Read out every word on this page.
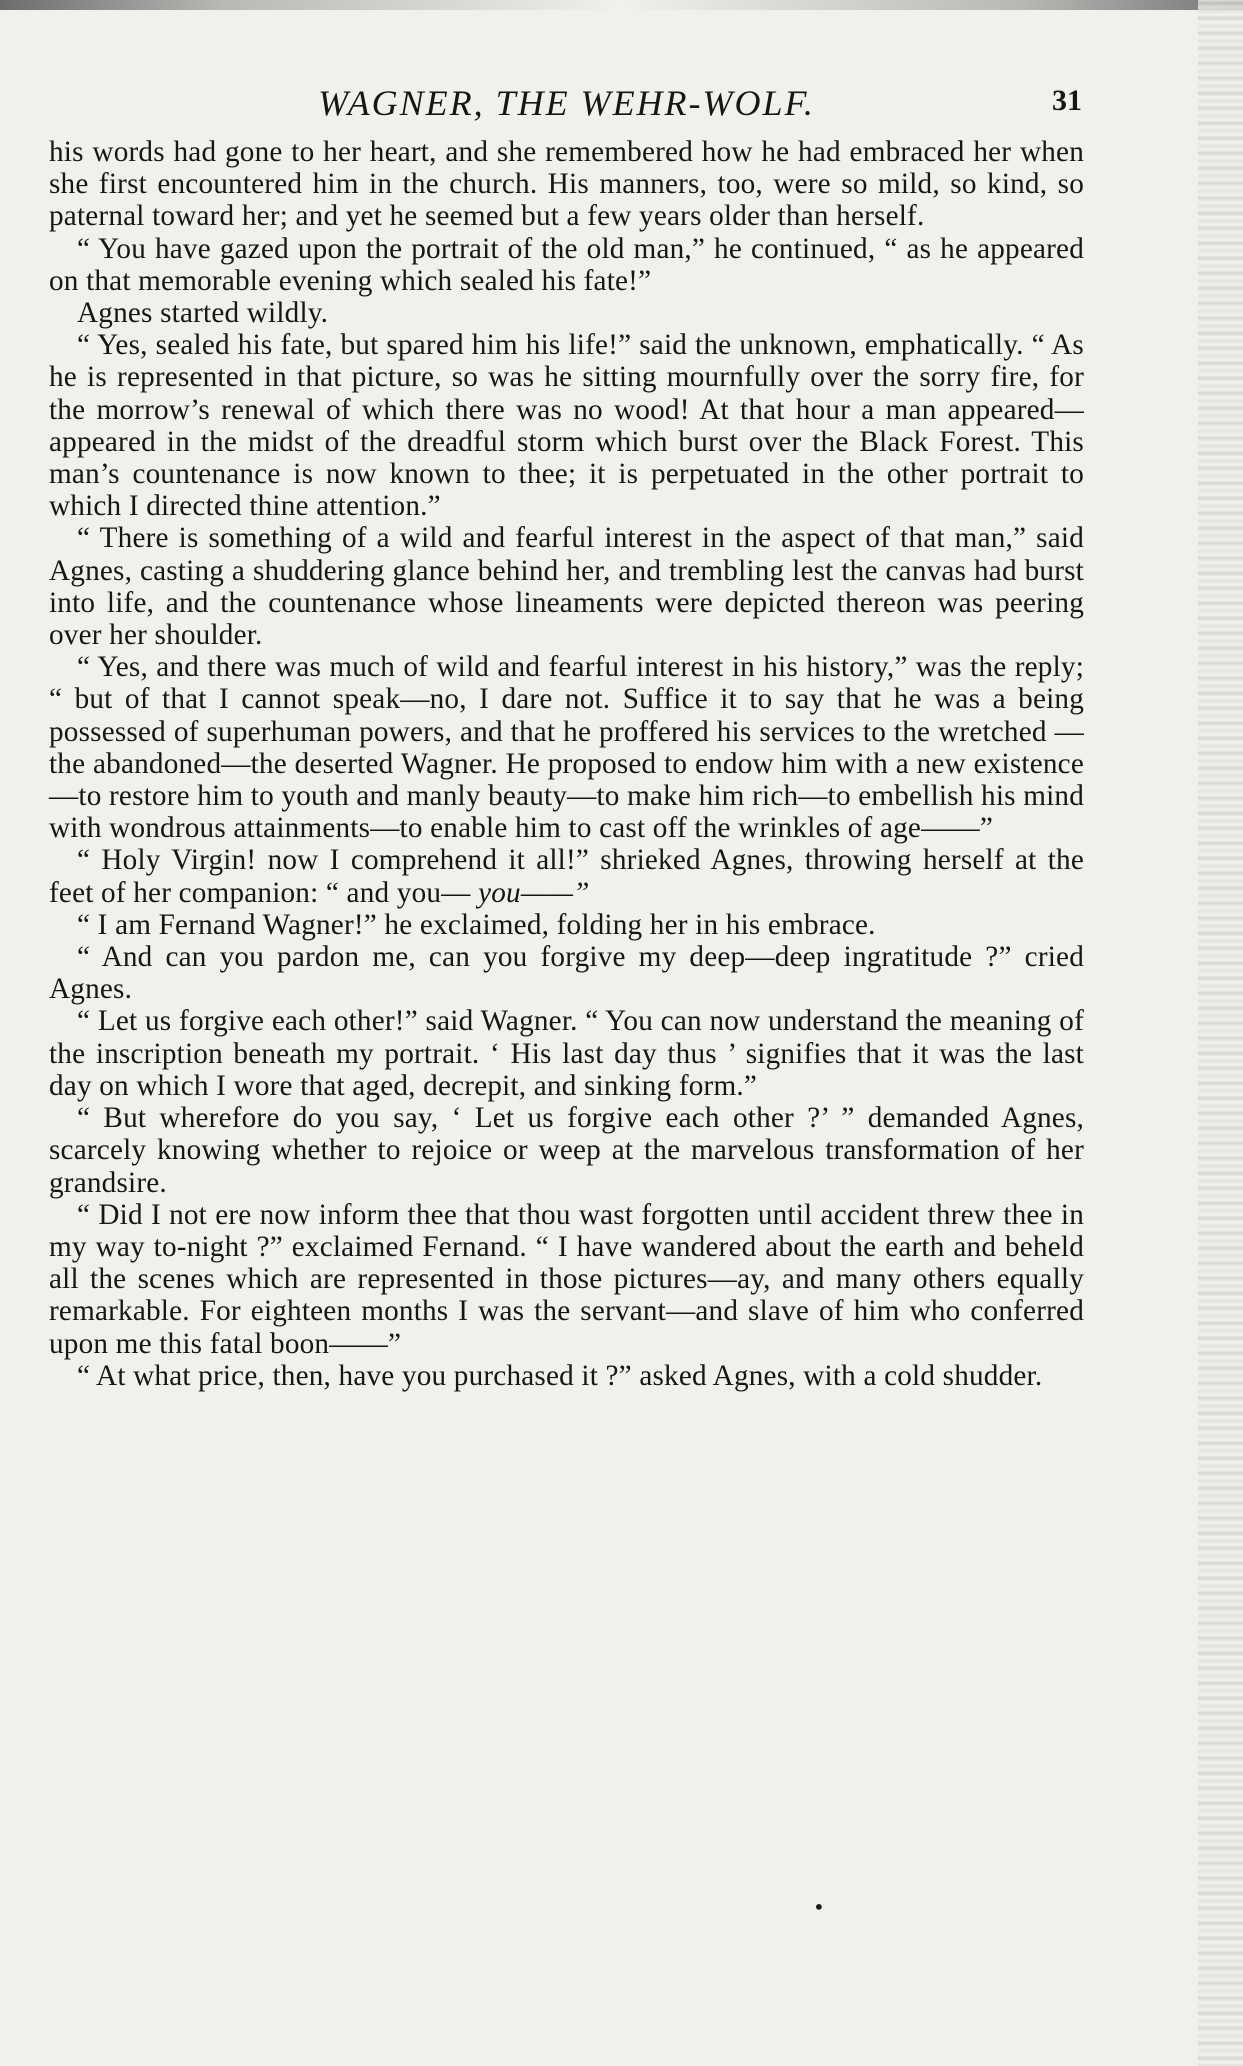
WAGNER, THE WEHR-WOLF.	31

his words had gone to her heart, and she remembered how he had embraced her when she first encountered him in the church. His manners, too, were so mild, so kind, so paternal toward her; and yet he seemed but a few years older than herself.

“ You have gazed upon the portrait of the old man,” he continued, “ as he appeared on that memorable evening which sealed his fate!”

Agnes started wildly.

“ Yes, sealed his fate, but spared him his life!” said the unknown, emphatically. “ As he is represented in that picture, so was he sitting mournfully over the sorry fire, for the morrow’s renewal of which there was no wood! At that hour a man appeared—appeared in the midst of the dreadful storm which burst over the Black Forest. This man’s countenance is now known to thee; it is perpetuated in the other portrait to which I directed thine attention.”

“ There is something of a wild and fearful interest in the aspect of that man,” said Agnes, casting a shuddering glance behind her, and trembling lest the canvas had burst into life, and the countenance whose lineaments were depicted thereon was peering over her shoulder.

“ Yes, and there was much of wild and fearful interest in his history,” was the reply; “ but of that I cannot speak—no, I dare not. Suffice it to say that he was a being possessed of superhuman powers, and that he proffered his services to the wretched —the abandoned—the deserted Wagner. He proposed to endow him with a new existence—to restore him to youth and manly beauty—to make him rich—to embellish his mind with wondrous attainments—to enable him to cast off the wrinkles of age——”

“ Holy Virgin! now I comprehend it all!” shrieked Agnes, throwing herself at the feet of her companion: “ and you— you——”

“ I am Fernand Wagner!” he exclaimed, folding her in his embrace.

“ And can you pardon me, can you forgive my deep—deep ingratitude ?” cried Agnes.

“ Let us forgive each other!” said Wagner. “ You can now understand the meaning of the inscription beneath my portrait. ‘ His last day thus ’ signifies that it was the last day on which I wore that aged, decrepit, and sinking form.”

“ But wherefore do you say, ‘ Let us forgive each other ?’ ” demanded Agnes, scarcely knowing whether to rejoice or weep at the marvelous transformation of her grandsire.

“ Did I not ere now inform thee that thou wast forgotten until accident threw thee in my way to-night ?” exclaimed Fernand. “ I have wandered about the earth and beheld all the scenes which are represented in those pictures—ay, and many others equally remarkable. For eighteen months I was the servant—and slave of him who conferred upon me this fatal boon——”

“ At what price, then, have you purchased it ?” asked Agnes, with a cold shudder.

•
